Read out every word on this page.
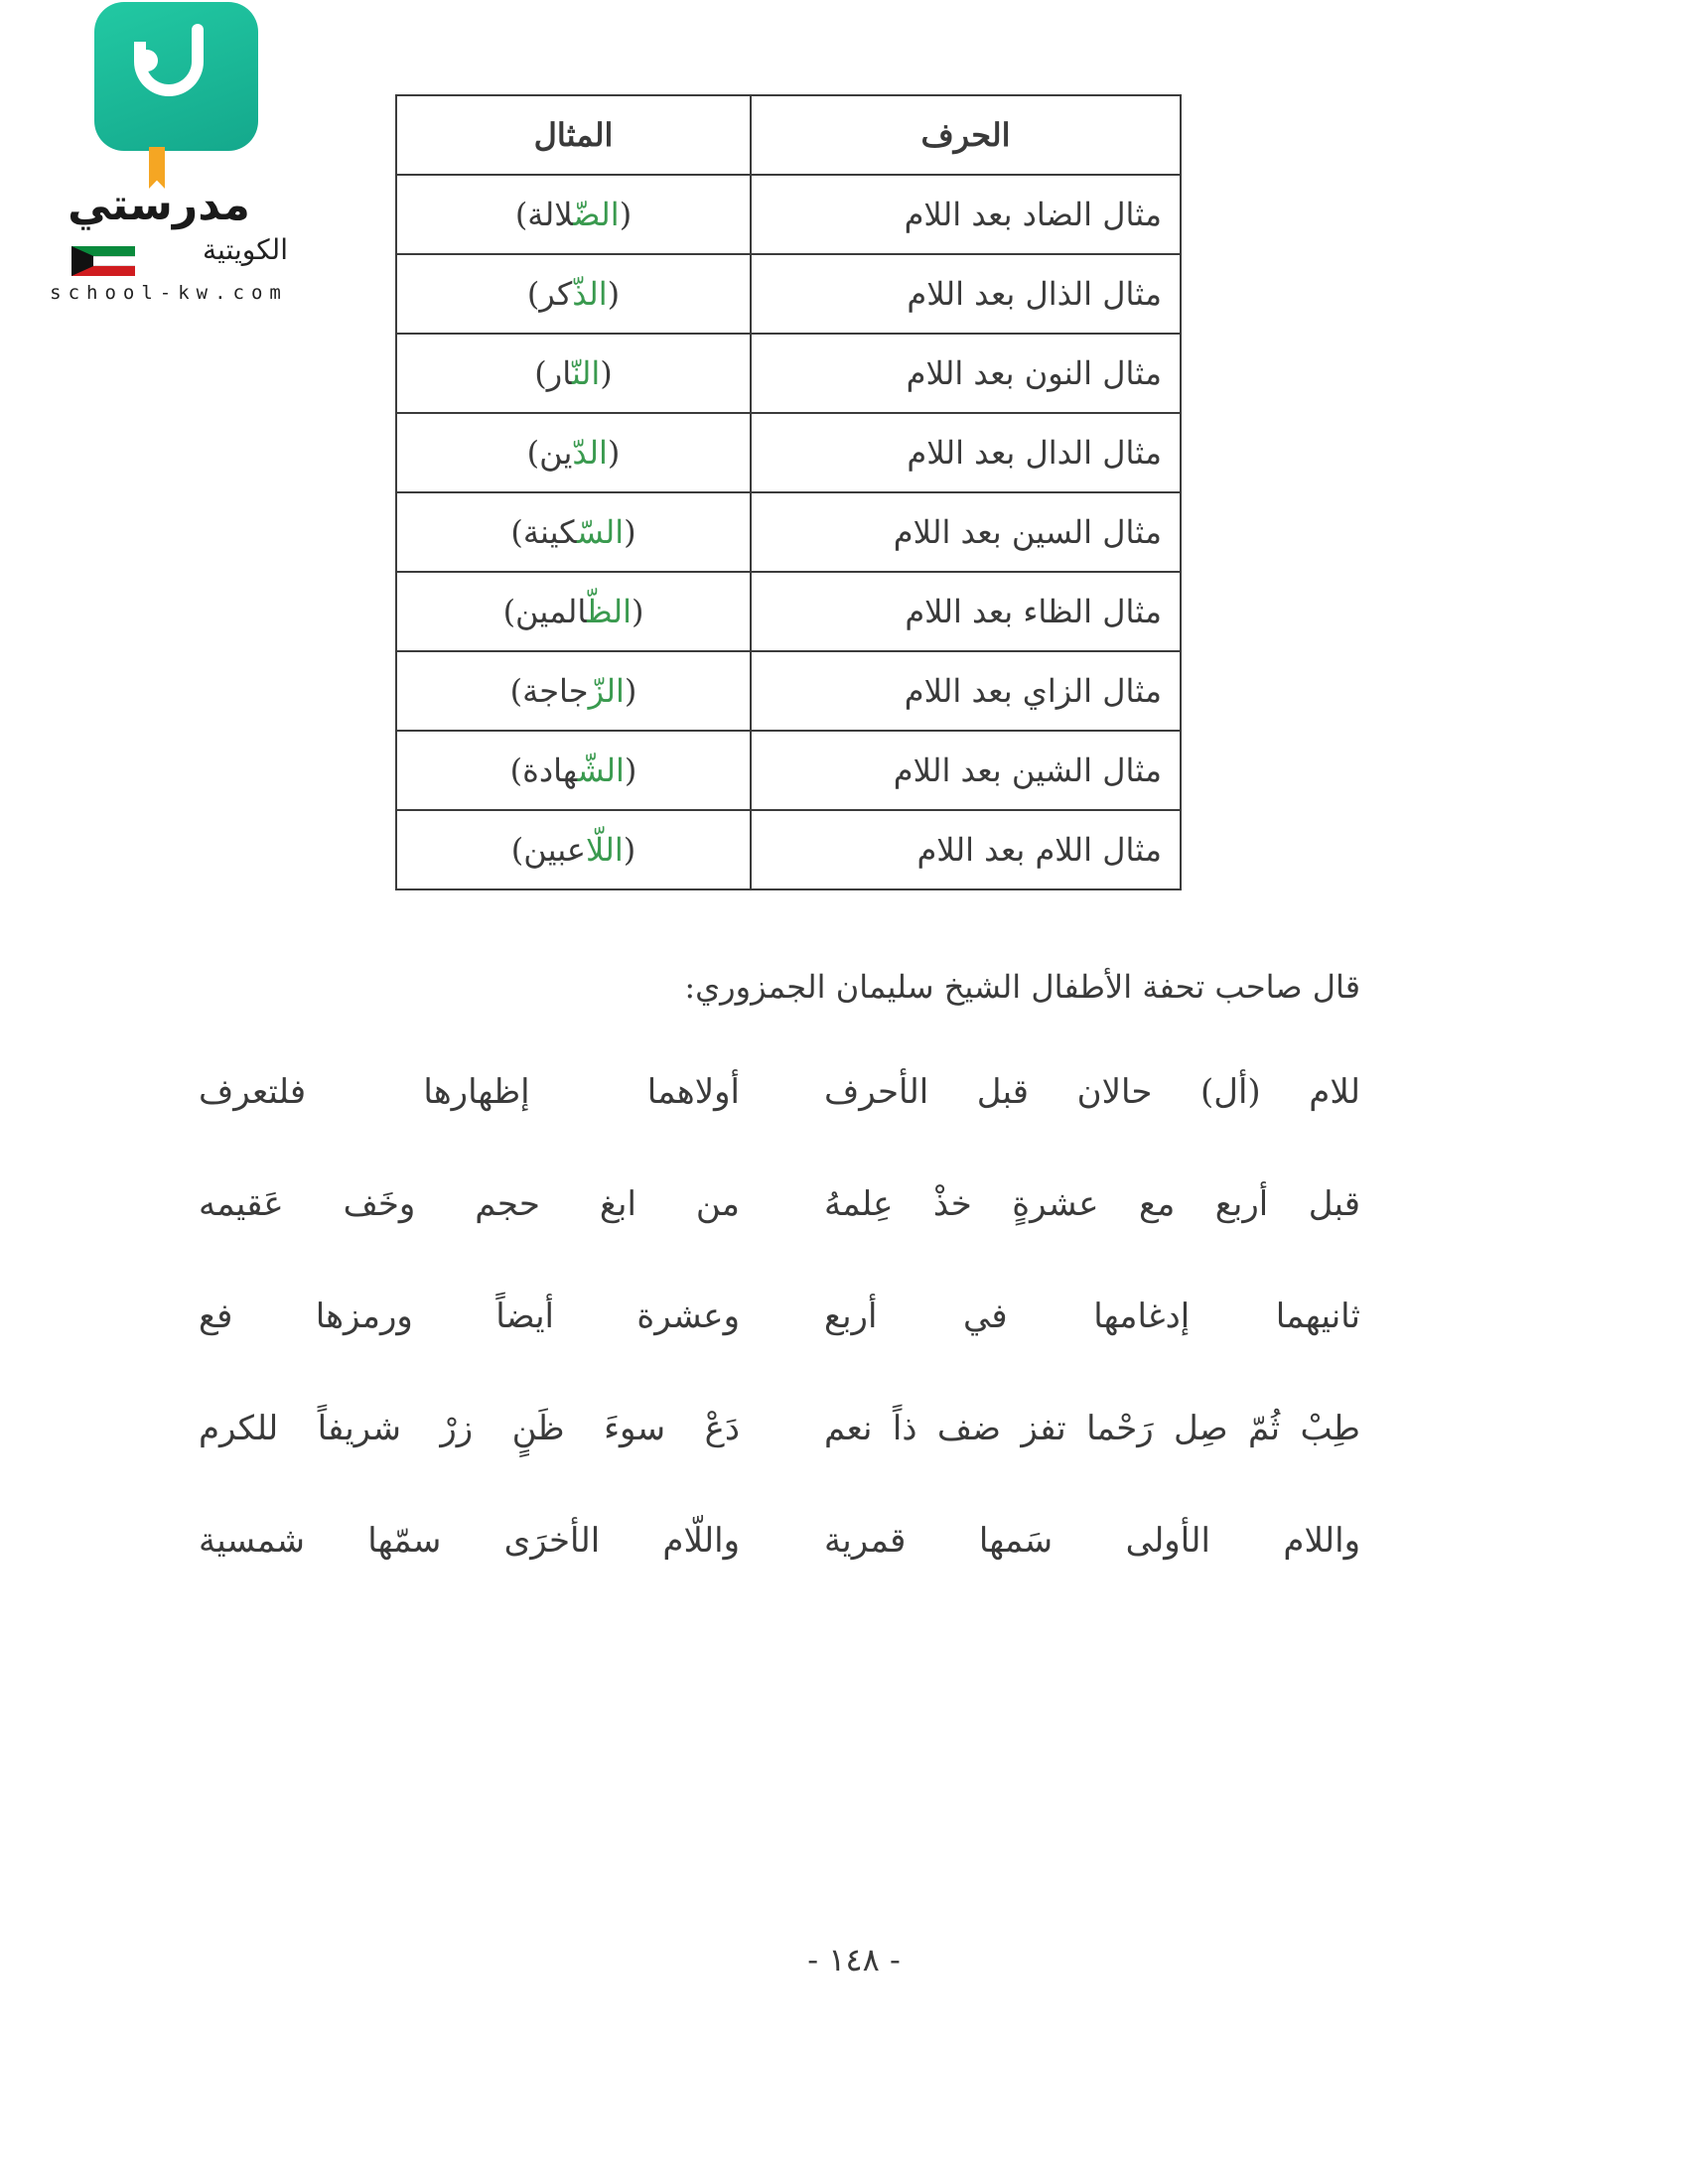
مدرستي
الكويتية
school-kw.com
الحرف	المثال
مثال الضاد بعد اللام	(الضّلالة)
مثال الذال بعد اللام	(الذّكر)
مثال النون بعد اللام	(النّار)
مثال الدال بعد اللام	(الدّين)
مثال السين بعد اللام	(السّكينة)
مثال الظاء بعد اللام	(الظّالمين)
مثال الزاي بعد اللام	(الزّجاجة)
مثال الشين بعد اللام	(الشّهادة)
مثال اللام بعد اللام	(اللّاعبين)
قال صاحب تحفة الأطفال الشيخ سليمان الجمزوري:
للام (أل) حالان قبل الأحرف
أولاهما إظهارها فلتعرف
قبل أربع مع عشرةٍ خذْ عِلمهُ
من ابغ حجم وخَف عَقيمه
ثانيهما إدغامها في أربع
وعشرة أيضاً ورمزها فع
طِبْ ثُمّ صِل رَحْما تفز ضف ذاً نعم
دَعْ سوءَ ظَنٍ زرْ شريفاً للكرم
واللام الأولى سَمها قمرية
واللّام الأخرَى سمّها شمسية
- ١٤٨ -
